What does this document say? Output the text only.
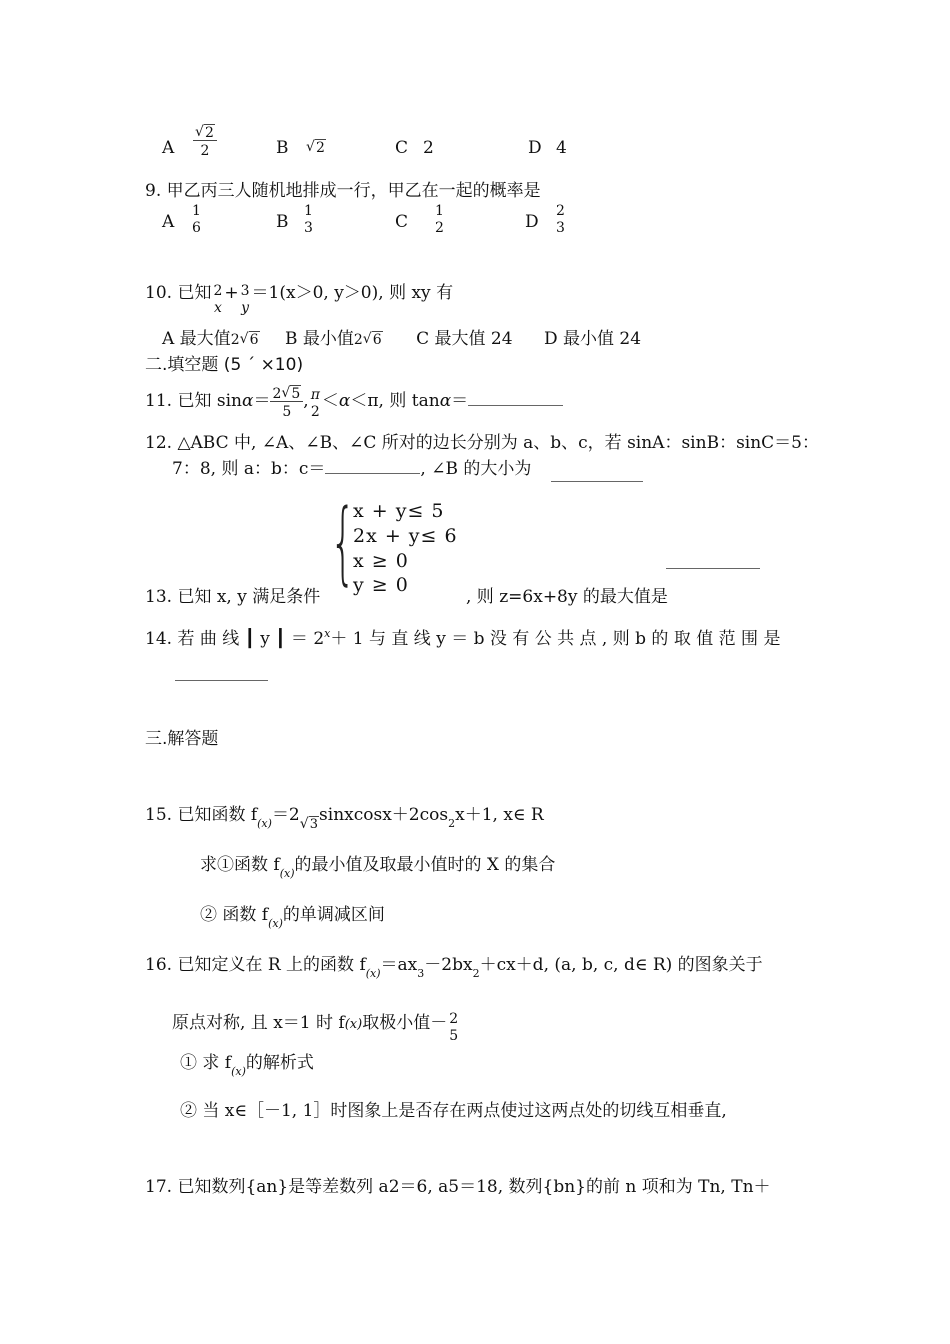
A
√ $\frac{2}{2}$	B
√	2	C 2	D 4
9. 甲乙丙三人随机地排成一行，甲乙在一起的概率是
A
1
6	B
1
3	C
1
2	D
2
3
10. 已知 2
x
+ 3
y
＝1(x＞0, y＞0), 则 xy 有
A 最大值2√ 6 B 最小值2√ 6 C 最大值 24 D 最小值 24
二.填空题 (5 ´ ×10)
11. 已知 $\sin\alpha= \frac{2√ 5}{5}$ , π
2
＜α＜π, 则 tanα＝
12. △ABC 中, ∠A、∠B、∠C 所对的边长分别为 a、b、c，若 sinA：sinB：sinC＝5：
7：8, 则 a：b：c＝	, ∠B 的大小为
{
x + y≤ 5
2x + y≤ 6
x ≥ 0
y ≥ 0
13. 已知 x, y 满足条件	, 则 z=6x+8y 的最大值是
14. 若 曲 线 ┃ y ┃ ＝ $2^x+ 1$ 与 直 线 y ＝ b 没 有 公 共 点 , 则 b 的 取 值 范 围 是
三.解答题
15. 已知函数 $f_{(x)}=2√$ $3sinxcosx+2\cos_2x+1$, x∈ R
求①函数 $f_{(x)}$的最小值及取最小值时的 X 的集合
② 函数 $f_{(x)}$的单调减区间
16. 已知定义在 R 上的函数 $f_{(x)}=ax_3-2bx_2+cx+d$, (a, b, c, d∈ R) 的图象关于
原点对称, 且 x＝1 时 f(x)取极小值－ 2
5
① 求 $f_{(x)}$的解析式
② 当 x∈［－1, 1］时图象上是否存在两点使过这两点处的切线互相垂直,
17. 已知数列{an}是等差数列 a2＝6, a5＝18, 数列{bn}的前 n 项和为 Tn, Tn＋
